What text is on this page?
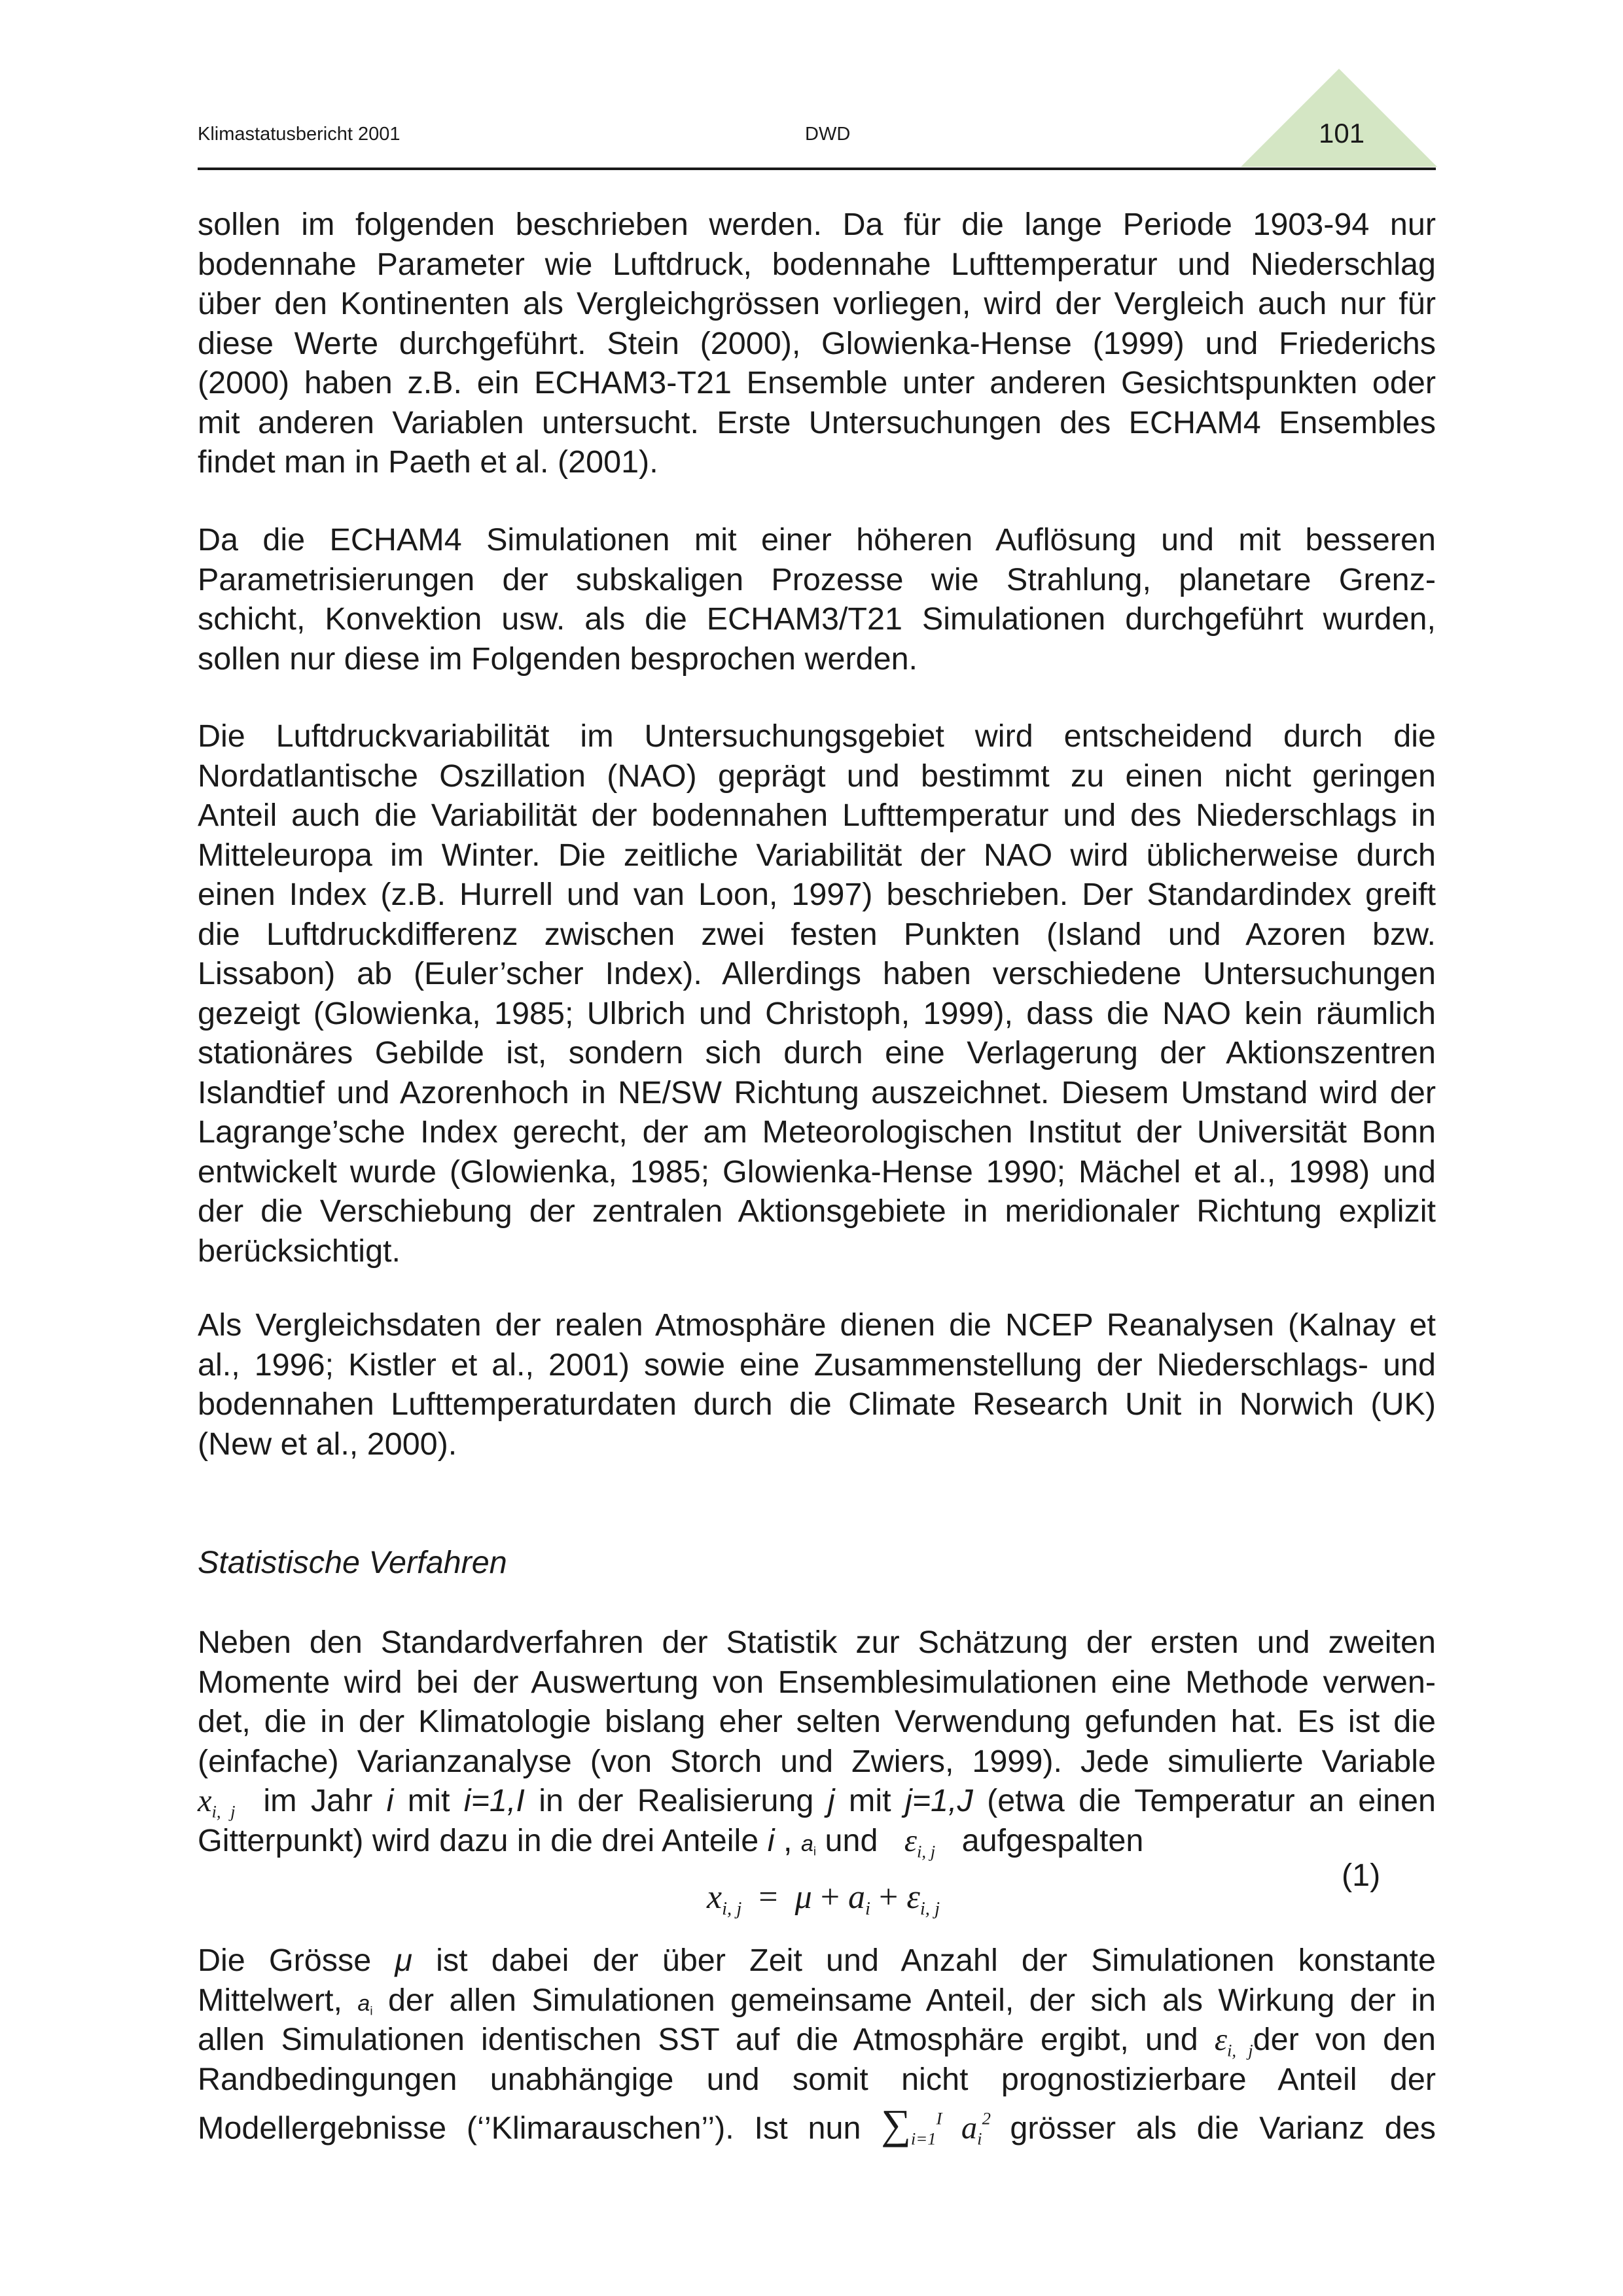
Klimastatusbericht 2001	DWD	101
sollen im folgenden beschrieben werden. Da für die lange Periode 1903-94 nur
bodennahe Parameter wie Luftdruck, bodennahe Lufttemperatur und Niederschlag
über den Kontinenten als Vergleichgrössen vorliegen, wird der Vergleich auch nur für
diese Werte durchgeführt. Stein (2000), Glowienka-Hense (1999) und Friederichs
(2000) haben z.B. ein ECHAM3-T21 Ensemble unter anderen Gesichtspunkten oder
mit anderen Variablen untersucht. Erste Untersuchungen des ECHAM4 Ensembles
findet man in Paeth et al. (2001).
Da die ECHAM4 Simulationen mit einer höheren Auflösung und mit besseren
Parametrisierungen der subskaligen Prozesse wie Strahlung, planetare Grenz-
schicht, Konvektion usw. als die ECHAM3/T21 Simulationen durchgeführt wurden,
sollen nur diese im Folgenden besprochen werden.
Die Luftdruckvariabilität im Untersuchungsgebiet wird entscheidend durch die
Nordatlantische Oszillation (NAO) geprägt und bestimmt zu einen nicht geringen
Anteil auch die Variabilität der bodennahen Lufttemperatur und des Niederschlags in
Mitteleuropa im Winter. Die zeitliche Variabilität der NAO wird üblicherweise durch
einen Index (z.B. Hurrell und van Loon, 1997) beschrieben. Der Standardindex greift
die Luftdruckdifferenz zwischen zwei festen Punkten (Island und Azoren bzw.
Lissabon) ab (Euler’scher Index). Allerdings haben verschiedene Untersuchungen
gezeigt (Glowienka, 1985; Ulbrich und Christoph, 1999), dass die NAO kein räumlich
stationäres Gebilde ist, sondern sich durch eine Verlagerung der Aktionszentren
Islandtief und Azorenhoch in NE/SW Richtung auszeichnet. Diesem Umstand wird der
Lagrange’sche Index gerecht, der am Meteorologischen Institut der Universität Bonn
entwickelt wurde (Glowienka, 1985; Glowienka-Hense 1990; Mächel et al., 1998) und
der die Verschiebung der zentralen Aktionsgebiete in meridionaler Richtung explizit
berücksichtigt.
Als Vergleichsdaten der realen Atmosphäre dienen die NCEP Reanalysen (Kalnay et
al., 1996; Kistler et al., 2001) sowie eine Zusammenstellung der Niederschlags- und
bodennahen Lufttemperaturdaten durch die Climate Research Unit in Norwich (UK)
(New et al., 2000).
Statistische Verfahren
Neben den Standardverfahren der Statistik zur Schätzung der ersten und zweiten
Momente wird bei der Auswertung von Ensemblesimulationen eine Methode verwen-
det, die in der Klimatologie bislang eher selten Verwendung gefunden hat. Es ist die
(einfache) Varianzanalyse (von Storch und Zwiers, 1999). Jede simulierte Variable
$x_{i, j}$ im Jahr i mit i=1,I in der Realisierung j mit j=1,J (etwa die Temperatur an einen
Gitterpunkt) wird dazu in die drei Anteile i , $a_i$ und $\varepsilon_{i, j}$ aufgespalten
$x_{i, j} = \mu + a_i + \varepsilon_{i, j}$
(1)
Die Grösse μ ist dabei der über Zeit und Anzahl der Simulationen konstante
Mittelwert, $a_i$ der allen Simulationen gemeinsame Anteil, der sich als Wirkung der in
allen Simulationen identischen SST auf die Atmosphäre ergibt, und $\varepsilon_{i, j}der$ von den
Randbedingungen unabhängige und somit nicht prognostizierbare Anteil der
Modellergebnisse (‘’Klimarauschen’’). Ist nun $\sum_{i=1}^I$ $a_i^2$ grösser als die Varianz des
